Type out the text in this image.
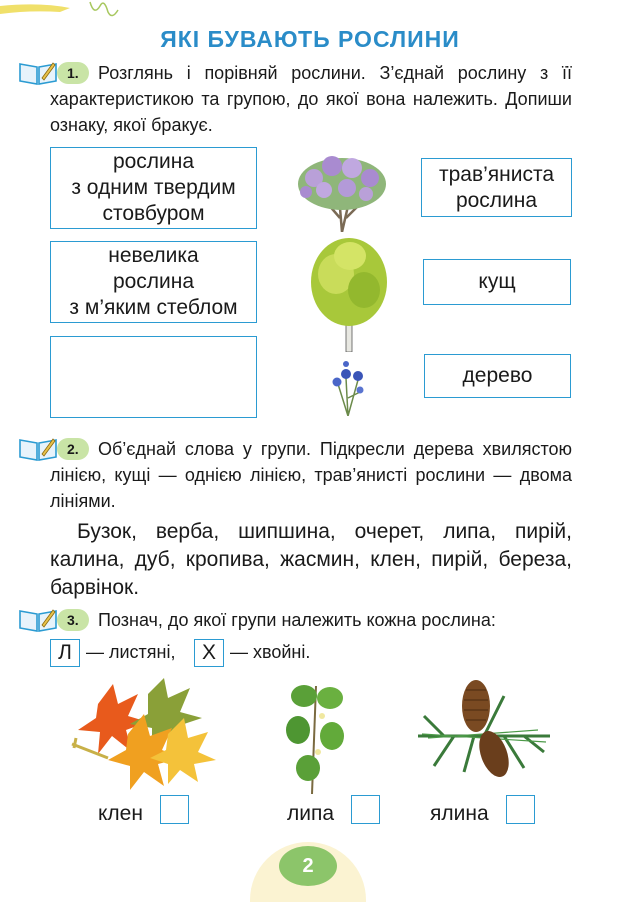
ЯКІ БУВАЮТЬ РОСЛИНИ
1.	Розглянь і порівняй рослини. З’єднай рослину з її характеристикою та групою, до якої вона належить. Допиши ознаку, якої бракує.
рослина
з одним твердим
стовбуром
невелика
рослина
з м’яким стеблом
трав’яниста
рослина
кущ
дерево
2.	Об’єднай слова у групи. Підкресли дерева хвилястою лінією, кущі — однією лінією, трав’янисті рослини — двома лініями.
Бузок, верба, шипшина, очерет, липа, пирій, калина, дуб, кропива, жасмин, клен, пирій, береза, барвінок.
3.	Познач, до якої групи належить кожна рослина:
Л — листяні,	Х — хвойні.
клен	липа	ялина
2
